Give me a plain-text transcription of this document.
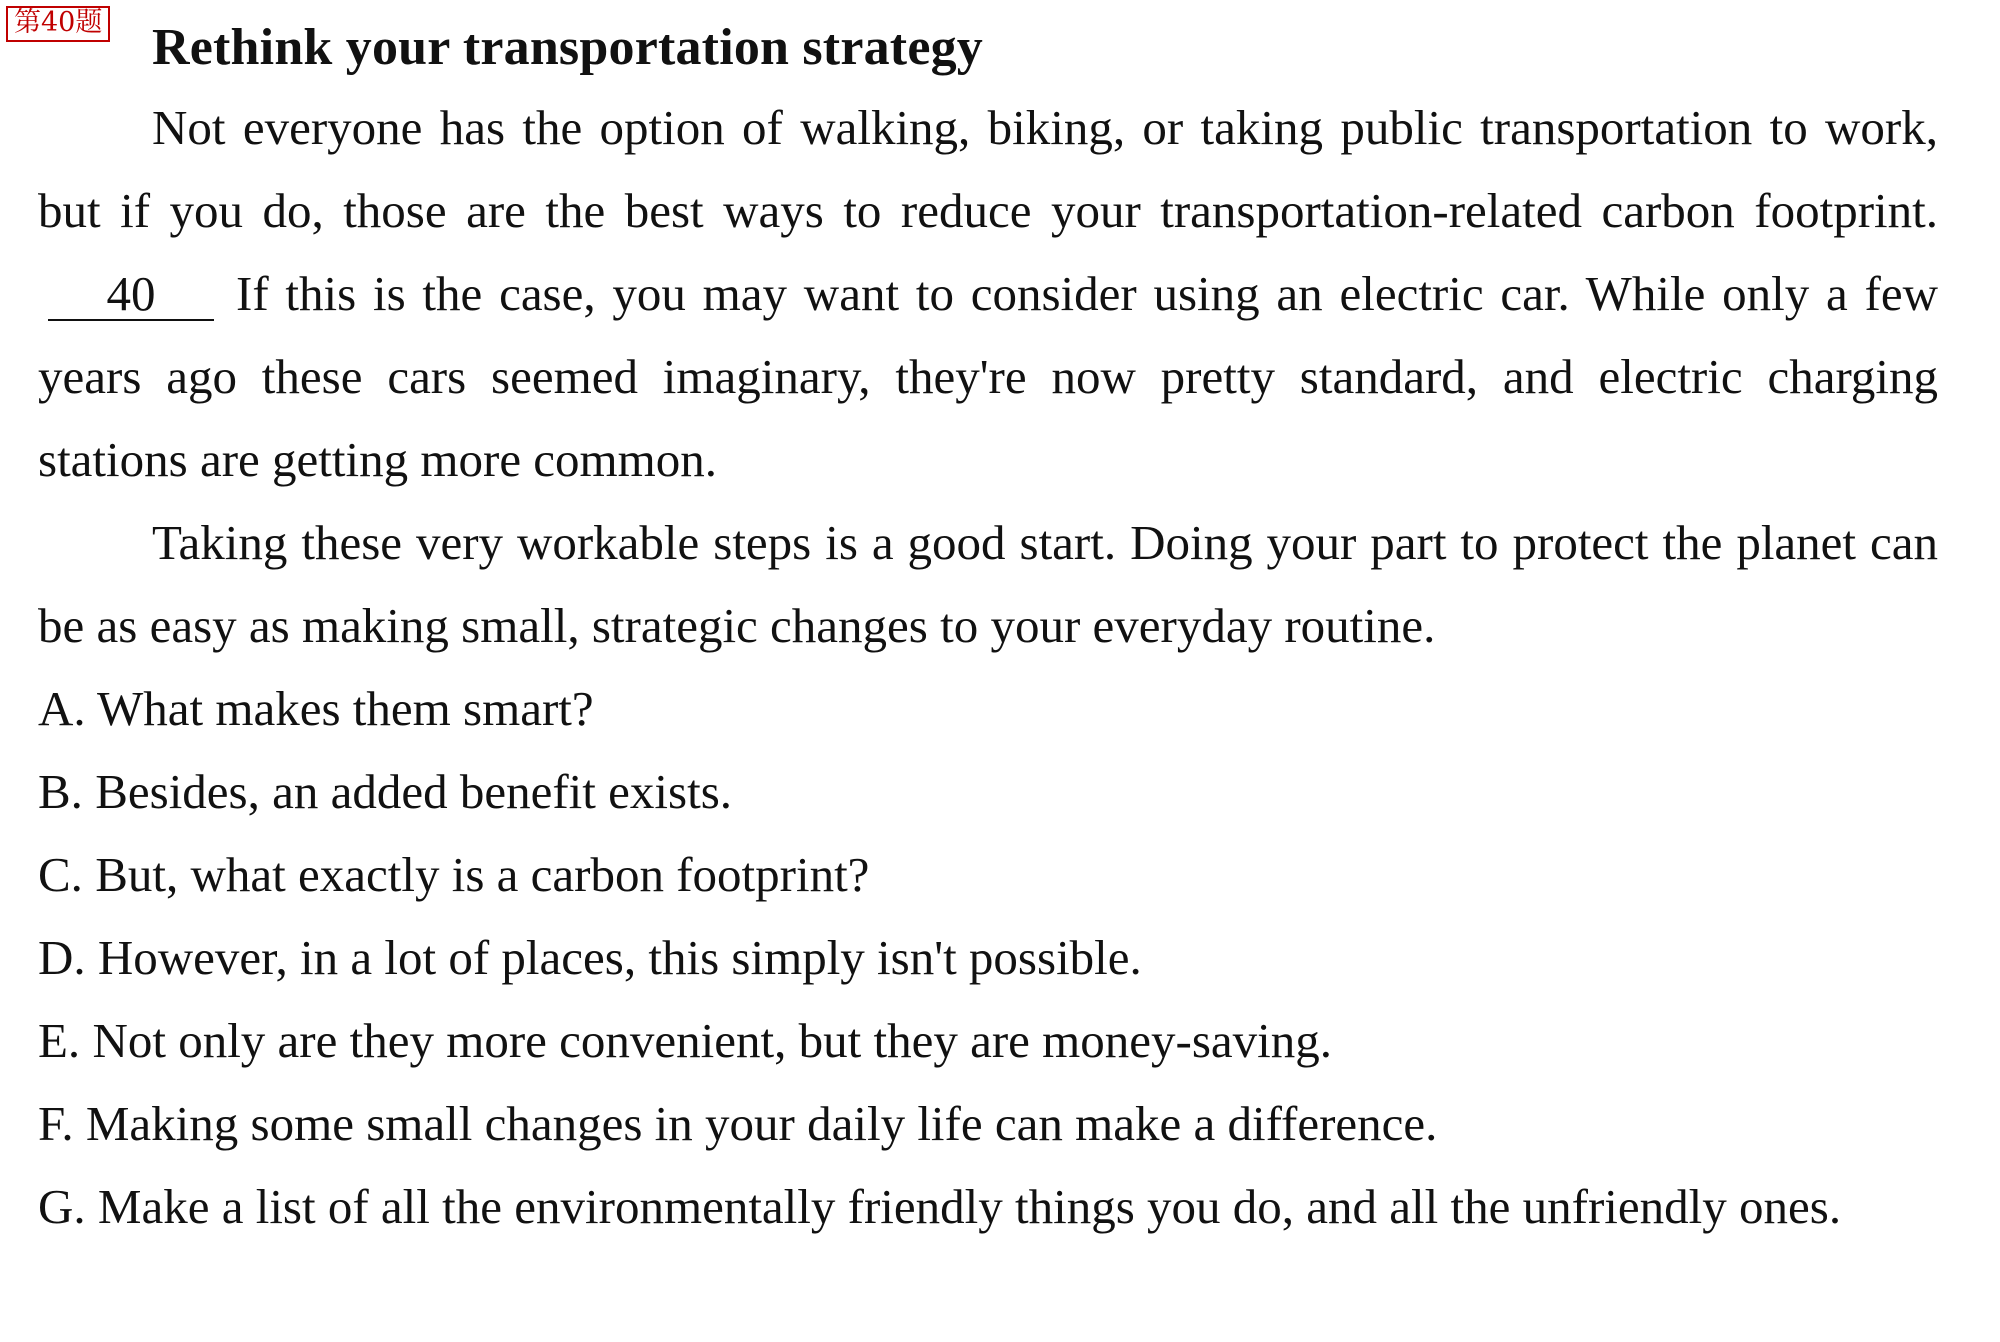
第40题 Rethink your transportation strategy

Not everyone has the option of walking, biking, or taking public transportation to work, but if you do, those are the best ways to reduce your transportation-related carbon footprint.40 If this is the case, you may want to consider using an electric car. While only a few years ago these cars seemed imaginary, they're now pretty standard, and electric charging stations are getting more common.

Taking these very workable steps is a good start. Doing your part to protect the planet can be as easy as making small, strategic changes to your everyday routine.

A. What makes them smart?
B. Besides, an added benefit exists.
C. But, what exactly is a carbon footprint?
D. However, in a lot of places, this simply isn't possible.
E. Not only are they more convenient, but they are money-saving.
F. Making some small changes in your daily life can make a difference.
G. Make a list of all the environmentally friendly things you do, and all the unfriendly ones.
